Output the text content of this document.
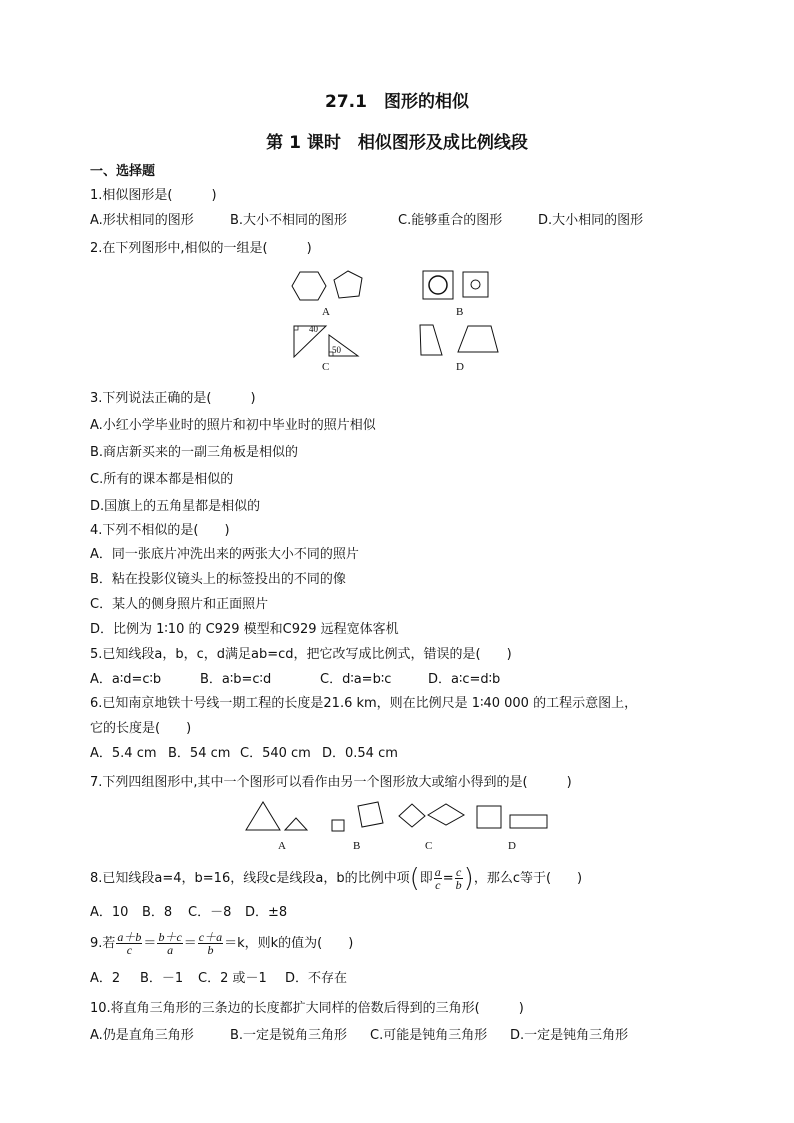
27.1　图形的相似
第 1 课时　相似图形及成比例线段
一、选择题
1.相似图形是(　　　)
A.形状相同的图形	B.大小不相同的图形	C.能够重合的图形	D.大小相同的图形
2.在下列图形中,相似的一组是(　　　)
A	B
C	D
40
50
3.下列说法正确的是(　　　)
A.小红小学毕业时的照片和初中毕业时的照片相似
B.商店新买来的一副三角板是相似的
C.所有的课本都是相似的
D.国旗上的五角星都是相似的
4.下列不相似的是(　　)
A．同一张底片冲洗出来的两张大小不同的照片
B．粘在投影仪镜头上的标签投出的不同的像
C．某人的侧身照片和正面照片
D．比例为 1∶10 的 C929 模型和C929 远程宽体客机
5.已知线段a，b，c，d满足ab=cd，把它改写成比例式，错误的是(　　)
A．a∶d=c∶b	B．a∶b=c∶d	C．d∶a=b∶c	D．a∶c=d∶b
6.已知南京地铁十号线一期工程的长度是21.6 km，则在比例尺是 1∶40 000 的工程示意图上，
它的长度是(　　)
A．5.4 cm B．54 cm C．540 cm D．0.54 cm
7.下列四组图形中,其中一个图形可以看作由另一个图形放大或缩小得到的是(　　　)
A	B	C	D
8.已知线段a=4，b=16，线段c是线段a，b的比例中项(即 $\frac{a}{c} = \frac{c}{b}$ )，那么c等于(　　)
A．10 B．8 C．－8 D．±8
9.若 $\frac{a+b}{c} = \frac{b+c}{a} = \frac{c+a}{b} =k$，则k的值为(　　)
A．2 B．－1 C．2 或－1 D．不存在
10.将直角三角形的三条边的长度都扩大同样的倍数后得到的三角形(　　　)
A.仍是直角三角形	B.一定是锐角三角形 C.可能是钝角三角形 D.一定是钝角三角形
